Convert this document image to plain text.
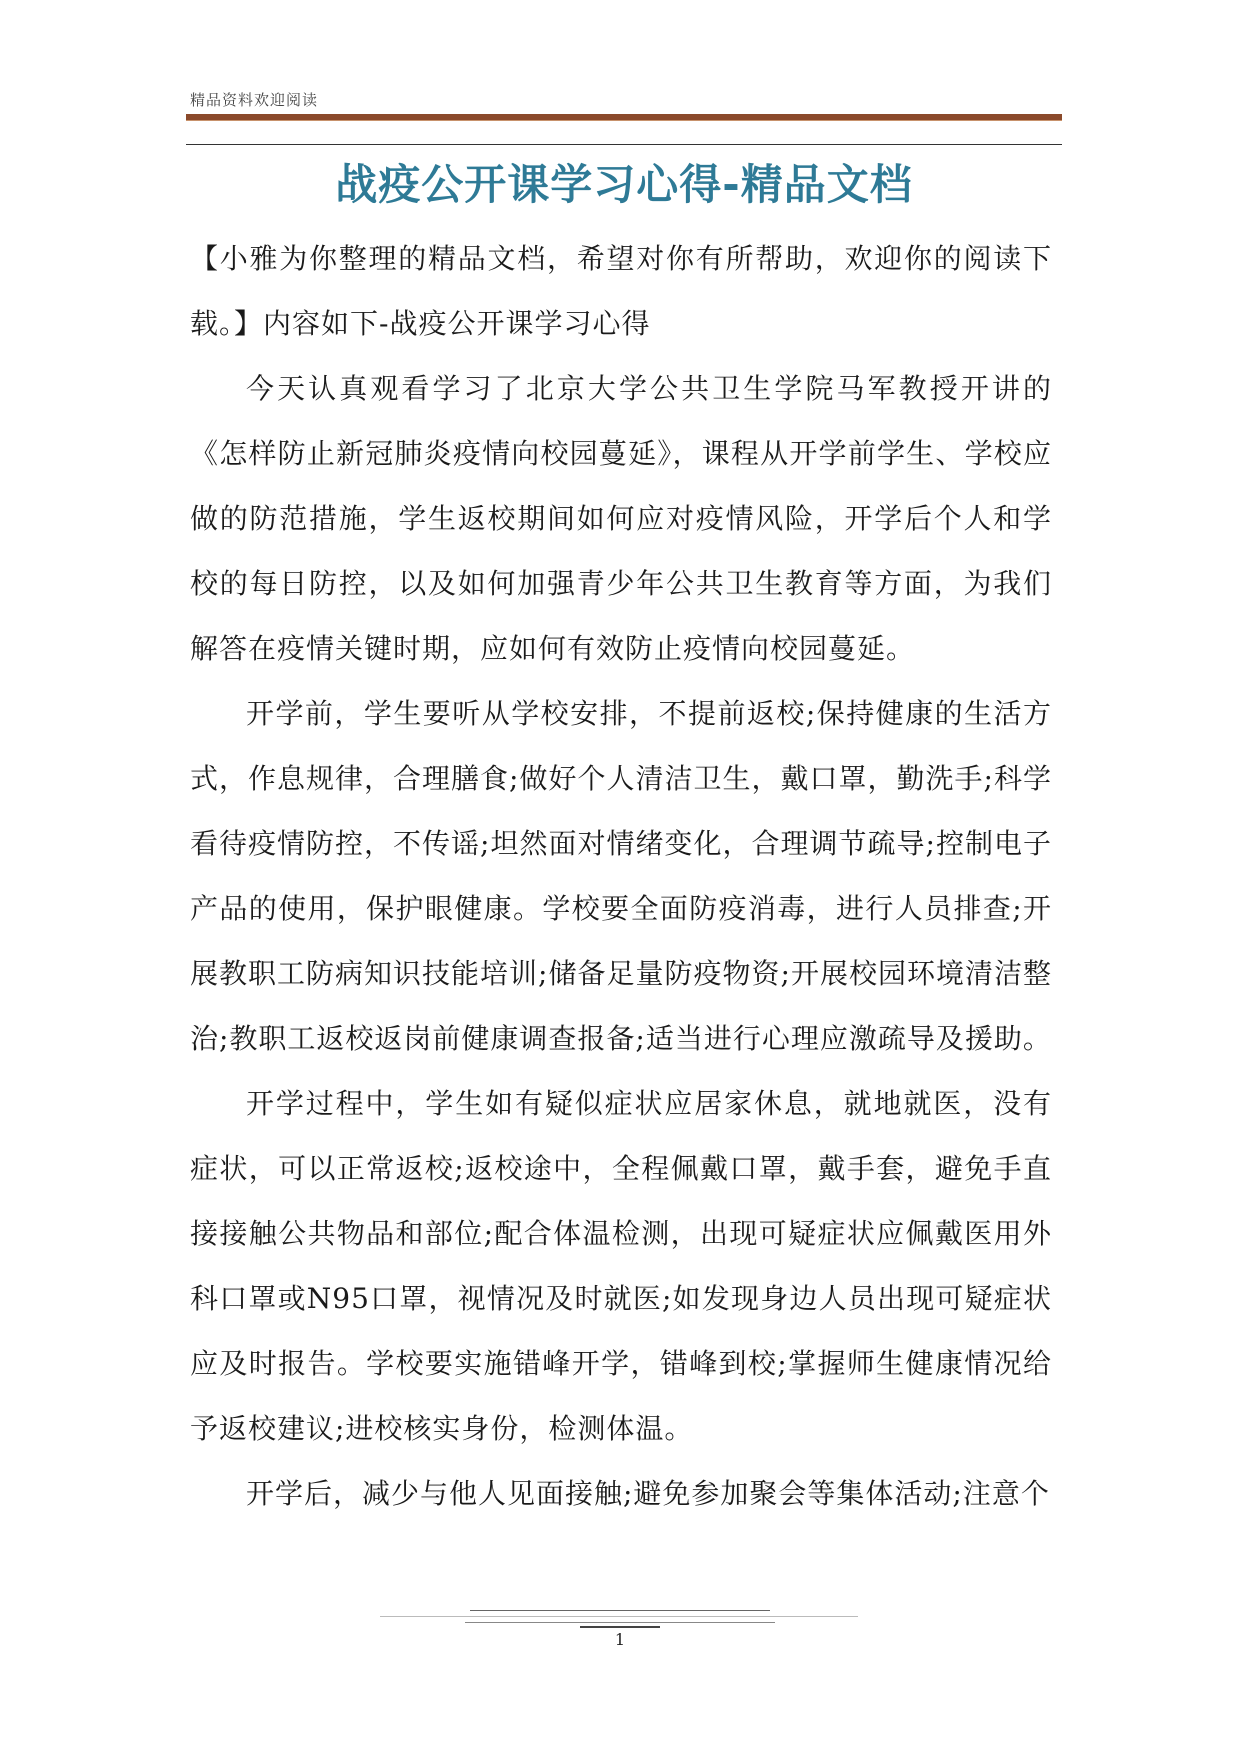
精品资料欢迎阅读
战疫公开课学习心得-精品文档

【小雅为你整理的精品文档，希望对你有所帮助，欢迎你的阅读下载。】内容如下-战疫公开课学习心得

今天认真观看学习了北京大学公共卫生学院马军教授开讲的《怎样防止新冠肺炎疫情向校园蔓延》，课程从开学前学生、学校应做的防范措施，学生返校期间如何应对疫情风险，开学后个人和学校的每日防控，以及如何加强青少年公共卫生教育等方面，为我们解答在疫情关键时期，应如何有效防止疫情向校园蔓延。

开学前，学生要听从学校安排，不提前返校;保持健康的生活方式，作息规律，合理膳食;做好个人清洁卫生，戴口罩，勤洗手;科学看待疫情防控，不传谣;坦然面对情绪变化，合理调节疏导;控制电子产品的使用，保护眼健康。学校要全面防疫消毒，进行人员排查;开展教职工防病知识技能培训;储备足量防疫物资;开展校园环境清洁整治;教职工返校返岗前健康调查报备;适当进行心理应激疏导及援助。

开学过程中，学生如有疑似症状应居家休息，就地就医，没有症状，可以正常返校;返校途中，全程佩戴口罩，戴手套，避免手直接接触公共物品和部位;配合体温检测，出现可疑症状应佩戴医用外科口罩或N95口罩，视情况及时就医;如发现身边人员出现可疑症状应及时报告。学校要实施错峰开学，错峰到校;掌握师生健康情况给予返校建议;进校核实身份，检测体温。

开学后，减少与他人见面接触;避免参加聚会等集体活动;注意个

1
